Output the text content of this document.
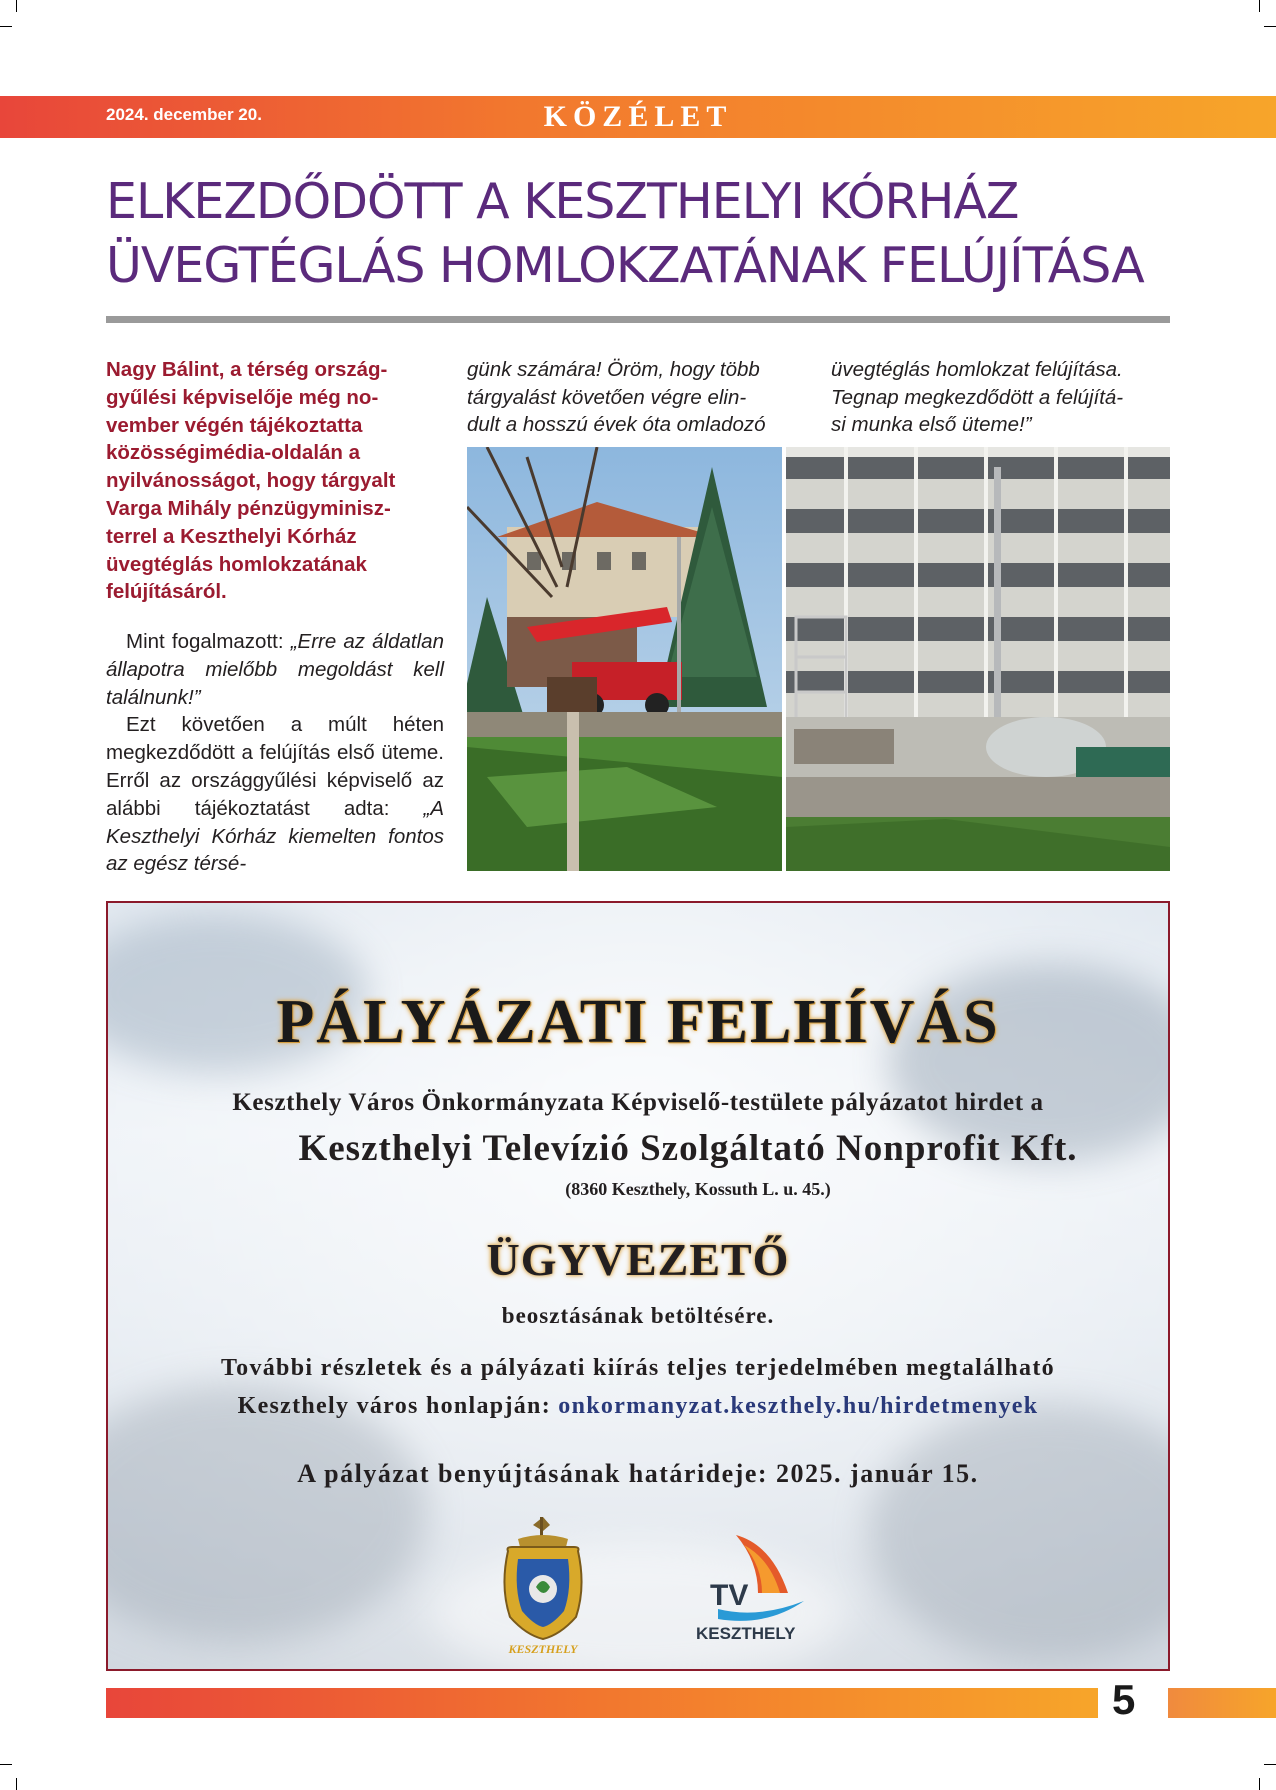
2024. december 20.	KÖZÉLET
ELKEZDŐDÖTT A KESZTHELYI KÓRHÁZ
ÜVEGTÉGLÁS HOMLOKZATÁNAK FELÚJÍTÁSA

Nagy Bálint, a térség ország-
gyűlési képviselője még no-
vember végén tájékoztatta
közösségimédia-oldalán a
nyilvánosságot, hogy tárgyalt
Varga Mihály pénzügyminisz-
terrel a Keszthelyi Kórház
üvegtéglás homlokzatának
felújításáról.

Mint fogalmazott: „Erre az áldatlan állapotra mielőbb megoldást kell találnunk!”

Ezt követően a múlt héten megkezdődött a felújítás első üteme. Erről az országgyűlési képviselő az alábbi tájékoztatást adta: „A Keszthelyi Kórház kiemelten fontos az egész térsé-

günk számára! Öröm, hogy több
tárgyalást követően végre elin-
dult a hosszú évek óta omladozó
üvegtéglás homlokzat felújítása.
Tegnap megkezdődött a felújítá-
si munka első üteme!”
PÁLYÁZATI FELHÍVÁS
Keszthely Város Önkormányzata Képviselő-testülete pályázatot hirdet a
Keszthelyi Televízió Szolgáltató Nonprofit Kft.
(8360 Keszthely, Kossuth L. u. 45.)
ÜGYVEZETŐ
beosztásának betöltésére.
További részletek és a pályázati kiírás teljes terjedelmében megtalálható
Keszthely város honlapján: onkormanyzat.keszthely.hu/hirdetmenyek
A pályázat benyújtásának határideje: 2025. január 15.
KESZTHELY
TV
KESZTHELY
5
